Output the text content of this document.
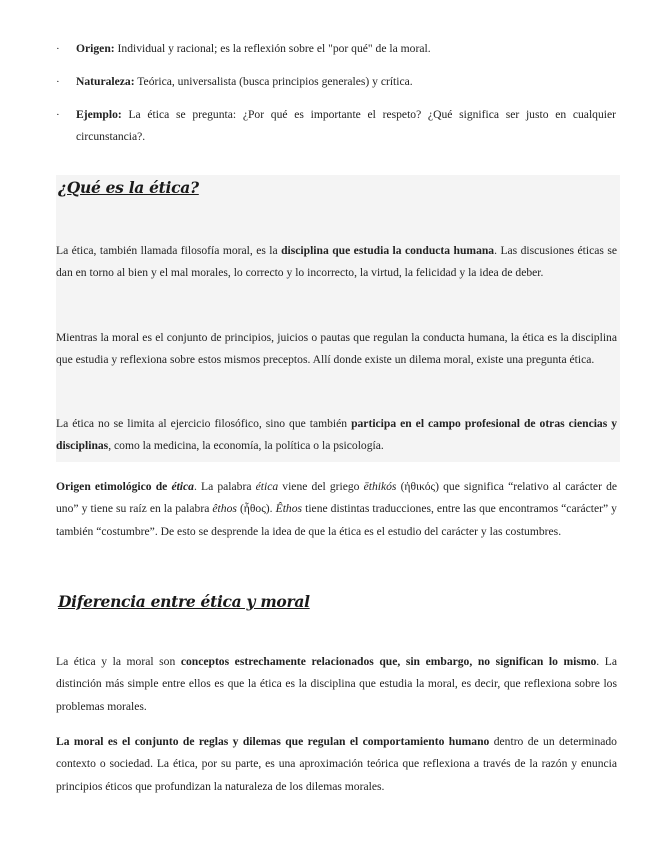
· Origen: Individual y racional; es la reflexión sobre el "por qué" de la moral.

· Naturaleza: Teórica, universalista (busca principios generales) y crítica.

· Ejemplo: La ética se pregunta: ¿Por qué es importante el respeto? ¿Qué significa ser justo en cualquier circunstancia?.

¿Qué es la ética?

La ética, también llamada filosofía moral, es la disciplina que estudia la conducta humana. Las discusiones éticas se dan en torno al bien y el mal morales, lo correcto y lo incorrecto, la virtud, la felicidad y la idea de deber.

Mientras la moral es el conjunto de principios, juicios o pautas que regulan la conducta humana, la ética es la disciplina que estudia y reflexiona sobre estos mismos preceptos. Allí donde existe un dilema moral, existe una pregunta ética.

La ética no se limita al ejercicio filosófico, sino que también participa en el campo profesional de otras ciencias y disciplinas, como la medicina, la economía, la política o la psicología.

Origen etimológico de ética. La palabra ética viene del griego ēthikós (ἠθικός) que significa “relativo al carácter de uno” y tiene su raíz en la palabra êthos (ἦθος). Êthos tiene distintas traducciones, entre las que encontramos “carácter” y también “costumbre”. De esto se desprende la idea de que la ética es el estudio del carácter y las costumbres.

Diferencia entre ética y moral

La ética y la moral son conceptos estrechamente relacionados que, sin embargo, no significan lo mismo. La distinción más simple entre ellos es que la ética es la disciplina que estudia la moral, es decir, que reflexiona sobre los problemas morales.

La moral es el conjunto de reglas y dilemas que regulan el comportamiento humano dentro de un determinado contexto o sociedad. La ética, por su parte, es una aproximación teórica que reflexiona a través de la razón y enuncia principios éticos que profundizan la naturaleza de los dilemas morales.
